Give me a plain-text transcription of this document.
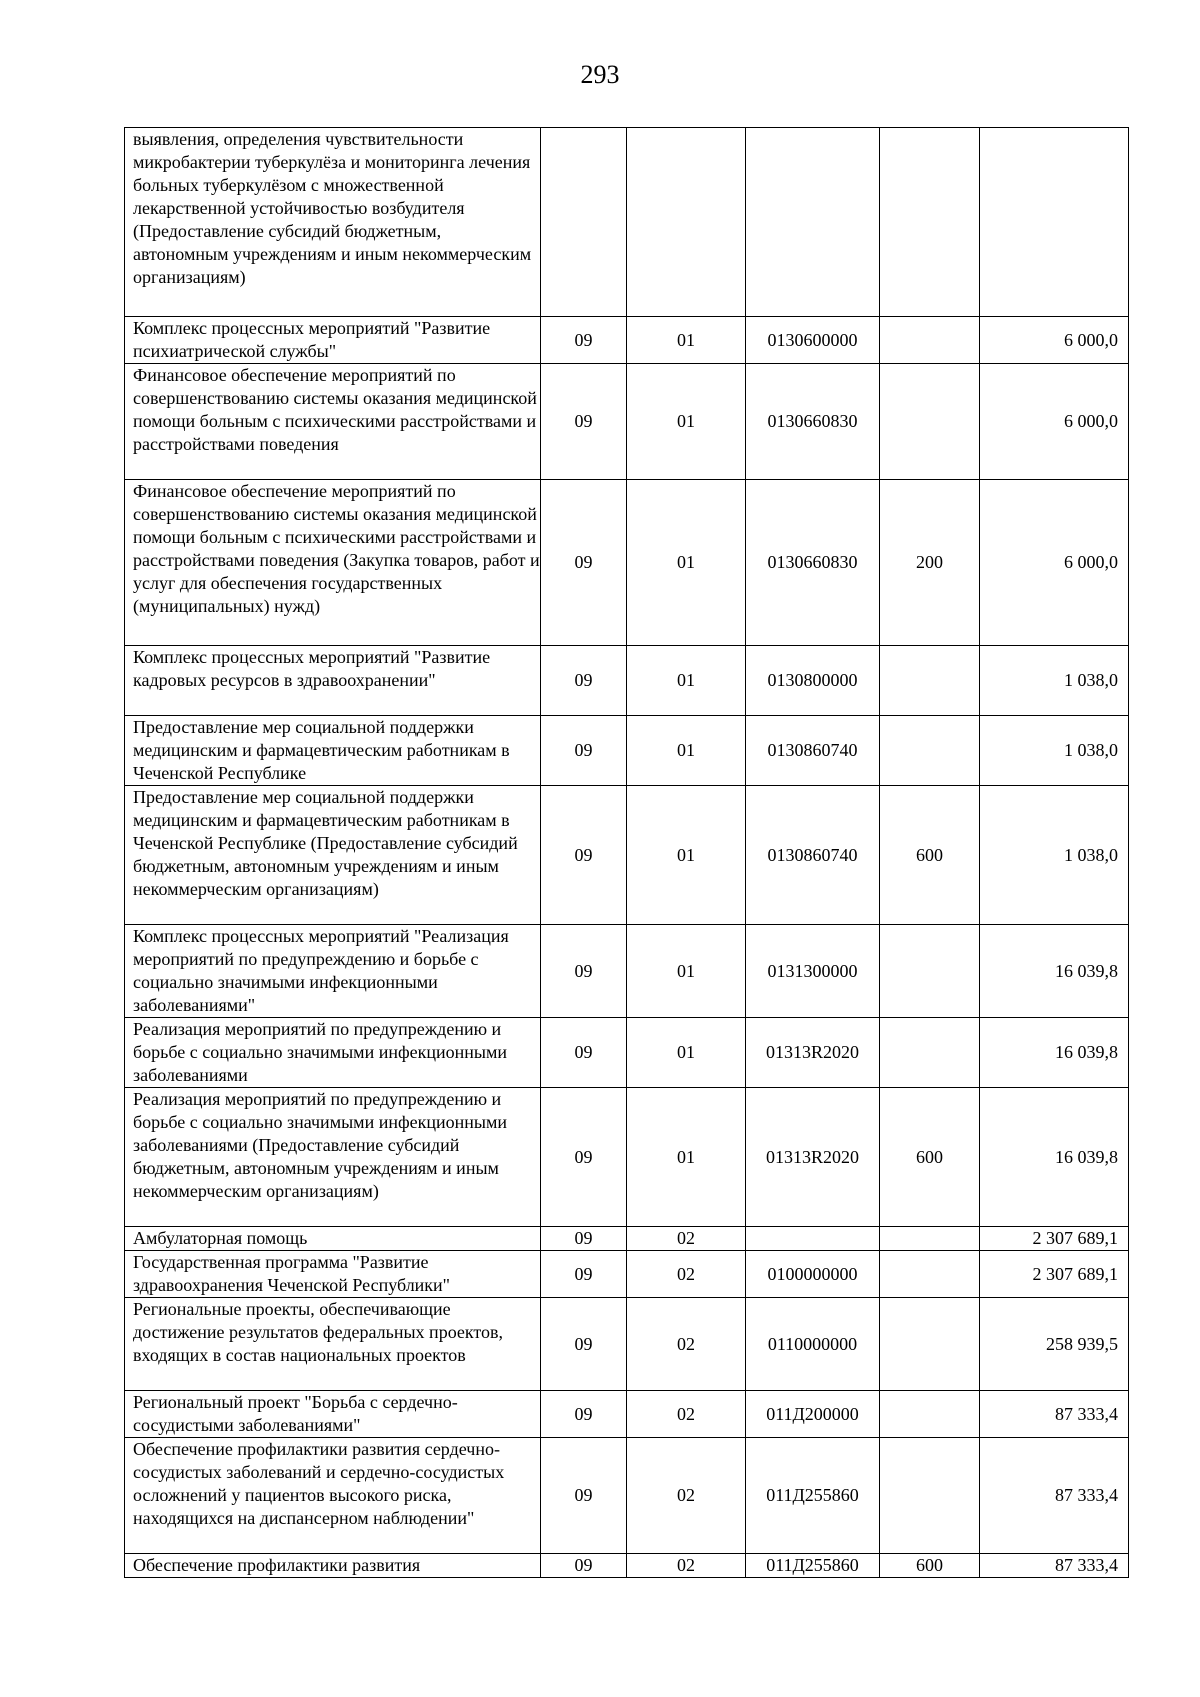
293
выявления, определения чувствительности микробактерии туберкулёза и мониторинга лечения больных туберкулёзом с множественной лекарственной устойчивостью возбудителя (Предоставление субсидий бюджетным, автономным учреждениям и иным некоммерческим организациям)					
Комплекс процессных мероприятий "Развитие психиатрической службы"	09	01	0130600000		6 000,0
Финансовое обеспечение мероприятий по совершенствованию системы оказания медицинской помощи больным с психическими расстройствами и расстройствами поведения	09	01	0130660830		6 000,0
Финансовое обеспечение мероприятий по совершенствованию системы оказания медицинской помощи больным с психическими расстройствами и расстройствами поведения (Закупка товаров, работ и услуг для обеспечения государственных (муниципальных) нужд)	09	01	0130660830	200	6 000,0
Комплекс процессных мероприятий "Развитие кадровых ресурсов в здравоохранении"	09	01	0130800000		1 038,0
Предоставление мер социальной поддержки медицинским и фармацевтическим работникам в Чеченской Республике	09	01	0130860740		1 038,0
Предоставление мер социальной поддержки медицинским и фармацевтическим работникам в Чеченской Республике (Предоставление субсидий бюджетным, автономным учреждениям и иным некоммерческим организациям)	09	01	0130860740	600	1 038,0
Комплекс процессных мероприятий "Реализация мероприятий по предупреждению и борьбе с социально значимыми инфекционными заболеваниями"	09	01	0131300000		16 039,8
Реализация мероприятий по предупреждению и борьбе с социально значимыми инфекционными заболеваниями	09	01	01313R2020		16 039,8
Реализация мероприятий по предупреждению и борьбе с социально значимыми инфекционными заболеваниями (Предоставление субсидий бюджетным, автономным учреждениям и иным некоммерческим организациям)	09	01	01313R2020	600	16 039,8
Амбулаторная помощь	09	02			2 307 689,1
Государственная программа "Развитие здравоохранения Чеченской Республики"	09	02	0100000000		2 307 689,1
Региональные проекты, обеспечивающие достижение результатов федеральных проектов, входящих в состав национальных проектов	09	02	0110000000		258 939,5
Региональный проект "Борьба с сердечно-сосудистыми заболеваниями"	09	02	011Д200000		87 333,4
Обеспечение профилактики развития сердечно-сосудистых заболеваний и сердечно-сосудистых осложнений у пациентов высокого риска, находящихся на диспансерном наблюдении"	09	02	011Д255860		87 333,4
Обеспечение профилактики развития	09	02	011Д255860	600	87 333,4
